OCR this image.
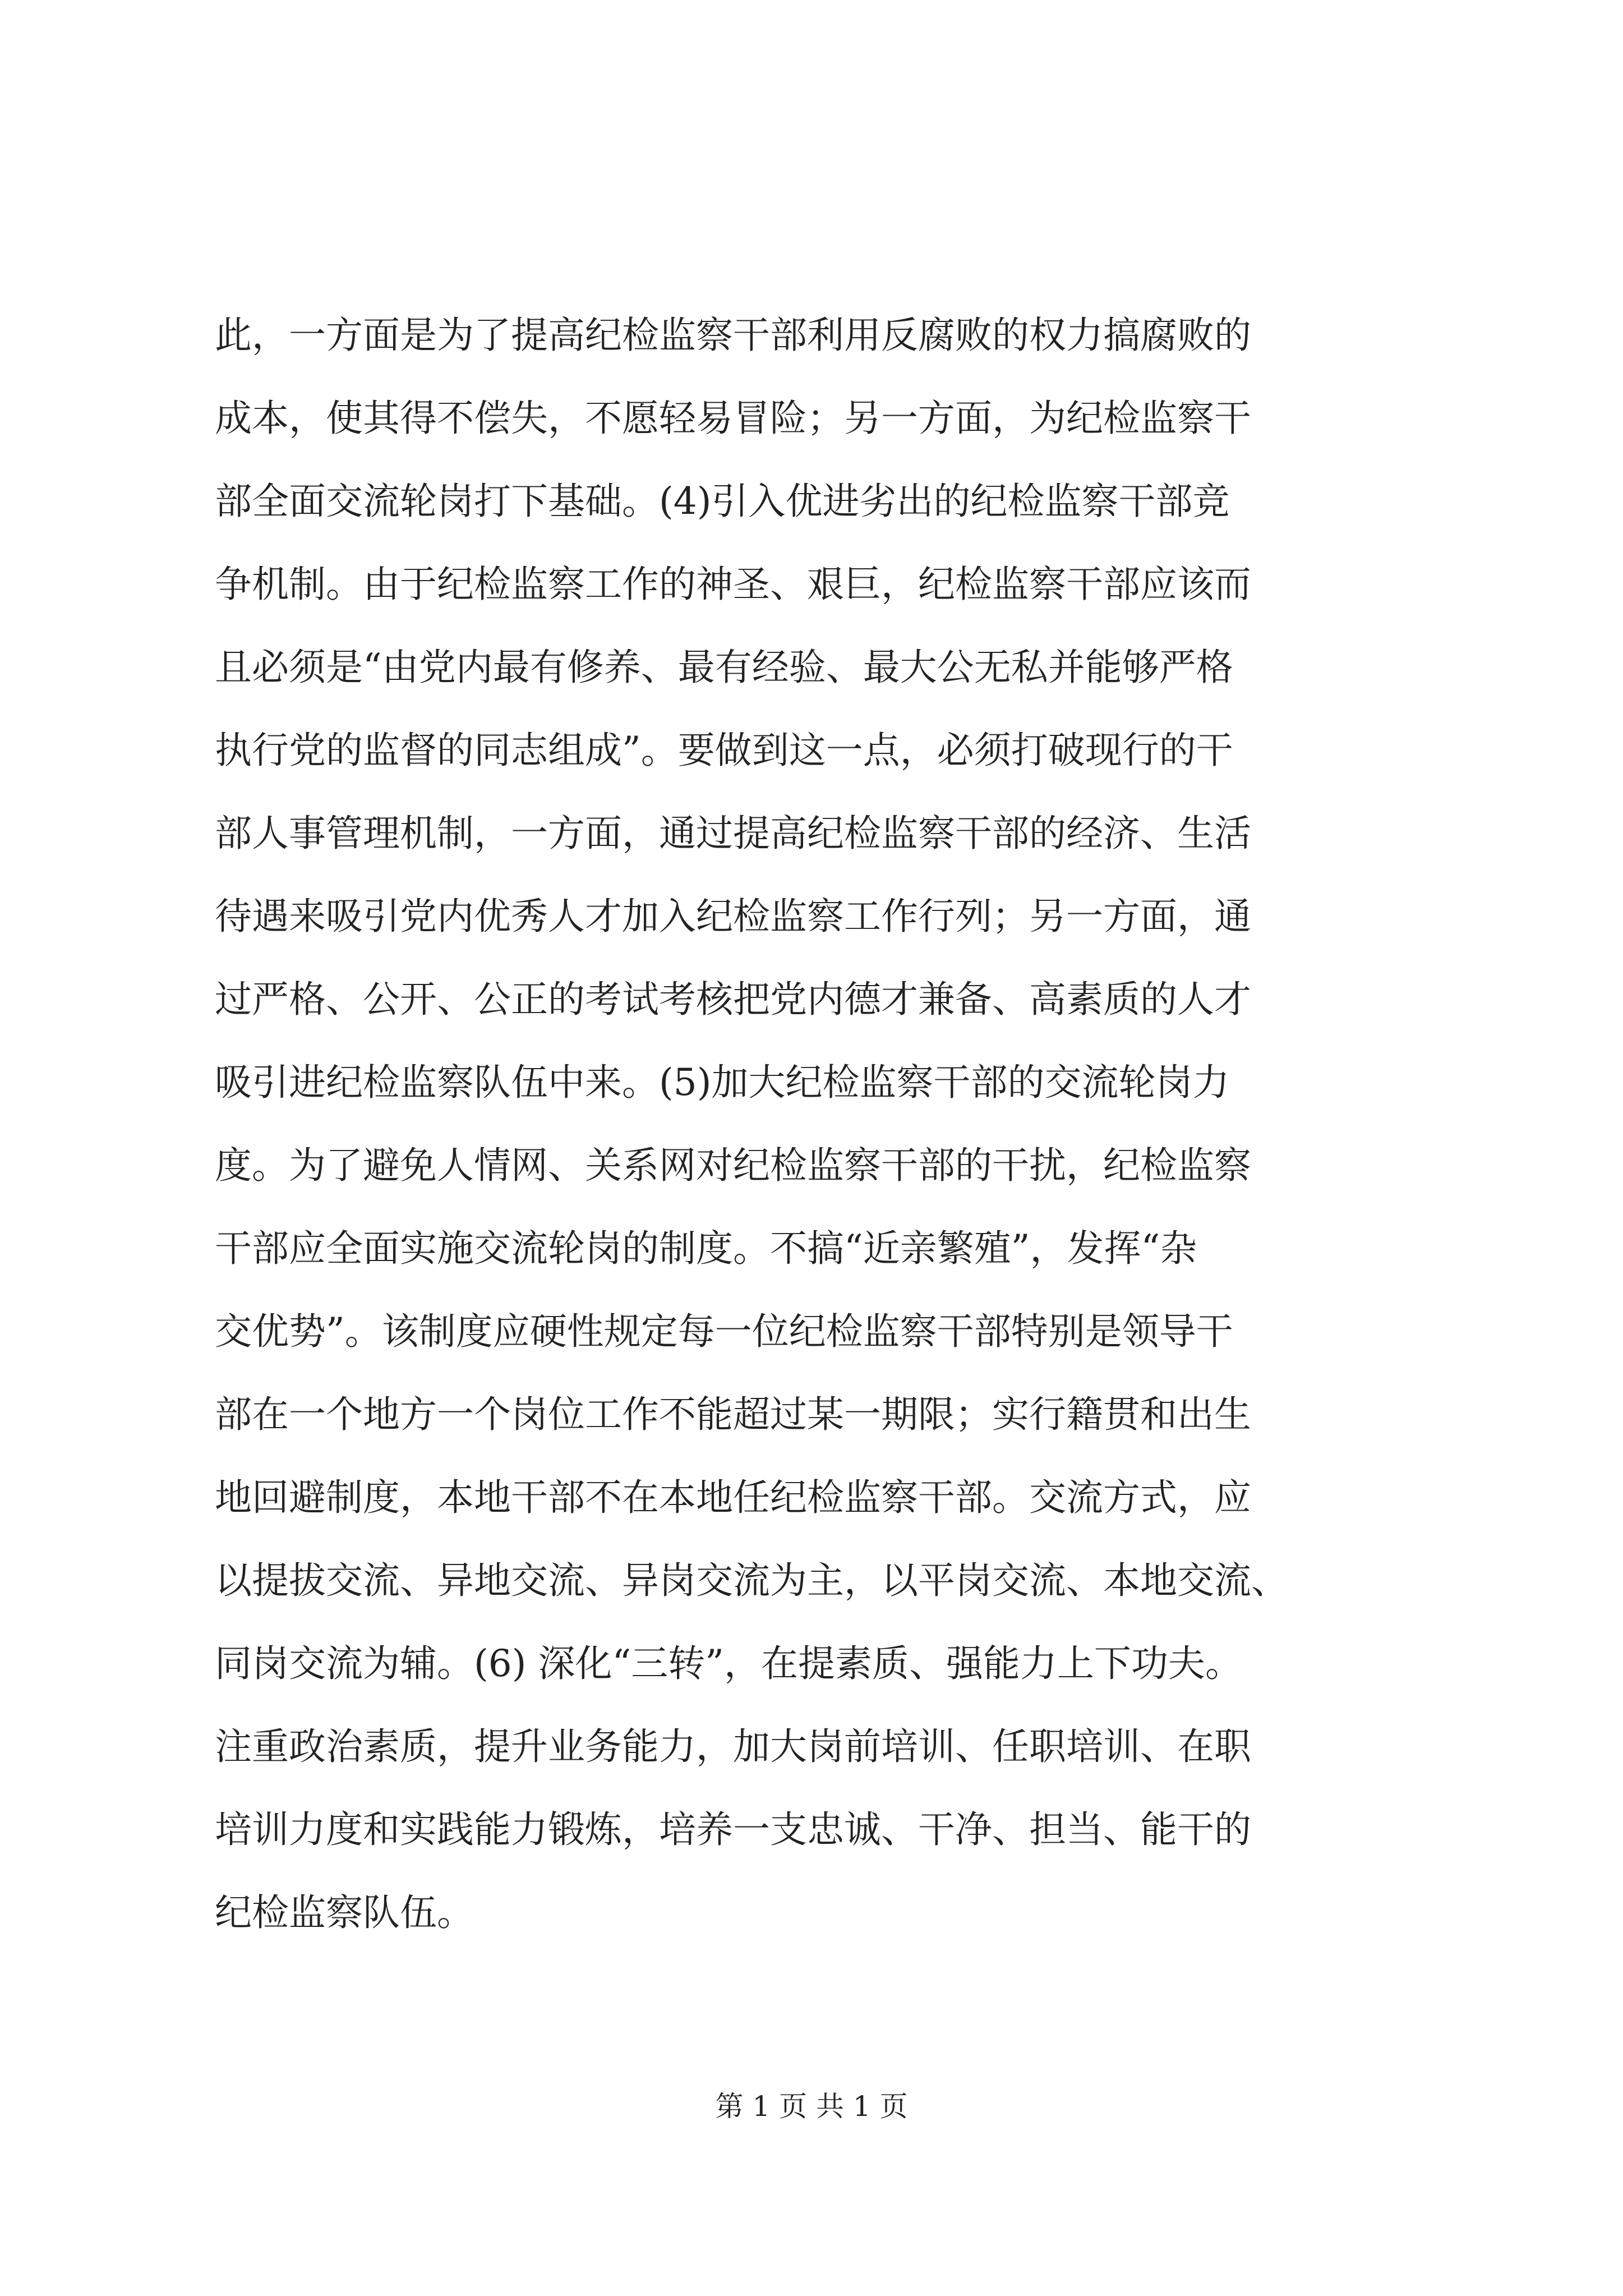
此，一方面是为了提高纪检监察干部利用反腐败的权力搞腐败的
成本，使其得不偿失，不愿轻易冒险；另一方面，为纪检监察干
部全面交流轮岗打下基础。(4)引入优进劣出的纪检监察干部竞
争机制。由于纪检监察工作的神圣、艰巨，纪检监察干部应该而
且必须是“由党内最有修养、最有经验、最大公无私并能够严格
执行党的监督的同志组成”。要做到这一点，必须打破现行的干
部人事管理机制，一方面，通过提高纪检监察干部的经济、生活
待遇来吸引党内优秀人才加入纪检监察工作行列；另一方面，通
过严格、公开、公正的考试考核把党内德才兼备、高素质的人才
吸引进纪检监察队伍中来。(5)加大纪检监察干部的交流轮岗力
度。为了避免人情网、关系网对纪检监察干部的干扰，纪检监察
干部应全面实施交流轮岗的制度。不搞“近亲繁殖”，发挥“杂
交优势”。该制度应硬性规定每一位纪检监察干部特别是领导干
部在一个地方一个岗位工作不能超过某一期限；实行籍贯和出生
地回避制度，本地干部不在本地任纪检监察干部。交流方式，应
以提拔交流、异地交流、异岗交流为主，以平岗交流、本地交流、
同岗交流为辅。(6) 深化“三转”，在提素质、强能力上下功夫。
注重政治素质，提升业务能力，加大岗前培训、任职培训、在职
培训力度和实践能力锻炼，培养一支忠诚、干净、担当、能干的
纪检监察队伍。
第 1 页 共 1 页
